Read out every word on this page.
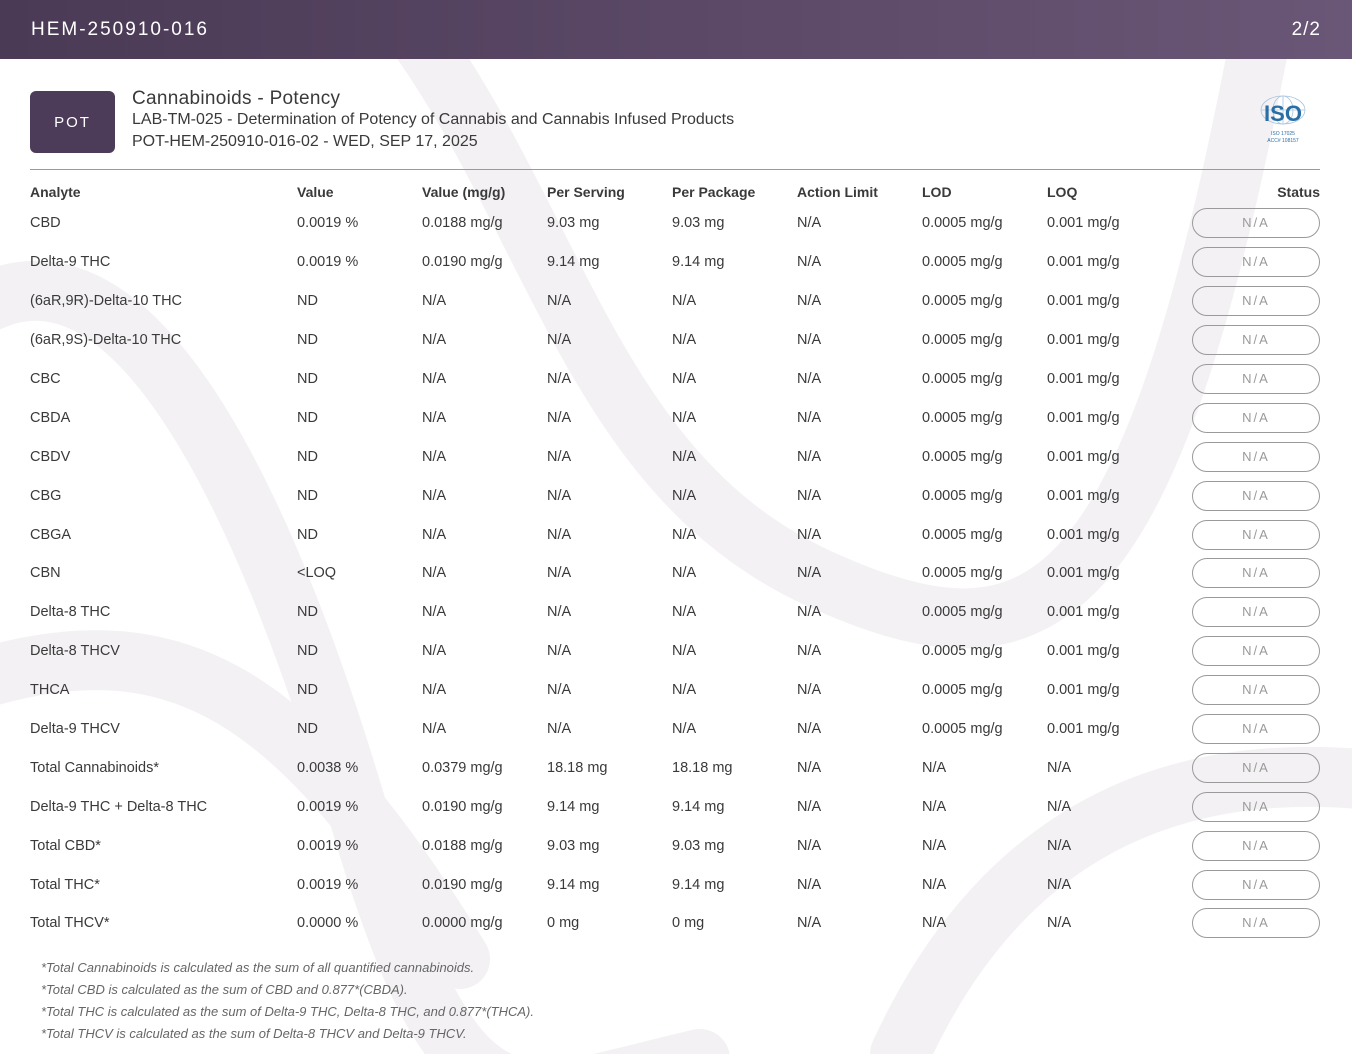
HEM-250910-016	2/2
POT
Cannabinoids - Potency
LAB-TM-025 - Determination of Potency of Cannabis and Cannabis Infused Products
POT-HEM-250910-016-02 - WED, SEP 17, 2025
ISO
ISO 17025
ACC# 108157
Analyte	Value	Value (mg/g)	Per Serving	Per Package	Action Limit	LOD	LOQ	Status
CBD	0.0019 %	0.0188 mg/g	9.03 mg	9.03 mg	N/A	0.0005 mg/g	0.001 mg/g	N/A
Delta-9 THC	0.0019 %	0.0190 mg/g	9.14 mg	9.14 mg	N/A	0.0005 mg/g	0.001 mg/g	N/A
(6aR,9R)-Delta-10 THC	ND	N/A	N/A	N/A	N/A	0.0005 mg/g	0.001 mg/g	N/A
(6aR,9S)-Delta-10 THC	ND	N/A	N/A	N/A	N/A	0.0005 mg/g	0.001 mg/g	N/A
CBC	ND	N/A	N/A	N/A	N/A	0.0005 mg/g	0.001 mg/g	N/A
CBDA	ND	N/A	N/A	N/A	N/A	0.0005 mg/g	0.001 mg/g	N/A
CBDV	ND	N/A	N/A	N/A	N/A	0.0005 mg/g	0.001 mg/g	N/A
CBG	ND	N/A	N/A	N/A	N/A	0.0005 mg/g	0.001 mg/g	N/A
CBGA	ND	N/A	N/A	N/A	N/A	0.0005 mg/g	0.001 mg/g	N/A
CBN	<LOQ	N/A	N/A	N/A	N/A	0.0005 mg/g	0.001 mg/g	N/A
Delta-8 THC	ND	N/A	N/A	N/A	N/A	0.0005 mg/g	0.001 mg/g	N/A
Delta-8 THCV	ND	N/A	N/A	N/A	N/A	0.0005 mg/g	0.001 mg/g	N/A
THCA	ND	N/A	N/A	N/A	N/A	0.0005 mg/g	0.001 mg/g	N/A
Delta-9 THCV	ND	N/A	N/A	N/A	N/A	0.0005 mg/g	0.001 mg/g	N/A
Total Cannabinoids*	0.0038 %	0.0379 mg/g	18.18 mg	18.18 mg	N/A	N/A	N/A	N/A
Delta-9 THC + Delta-8 THC	0.0019 %	0.0190 mg/g	9.14 mg	9.14 mg	N/A	N/A	N/A	N/A
Total CBD*	0.0019 %	0.0188 mg/g	9.03 mg	9.03 mg	N/A	N/A	N/A	N/A
Total THC*	0.0019 %	0.0190 mg/g	9.14 mg	9.14 mg	N/A	N/A	N/A	N/A
Total THCV*	0.0000 %	0.0000 mg/g	0 mg	0 mg	N/A	N/A	N/A	N/A
*Total Cannabinoids is calculated as the sum of all quantified cannabinoids.
*Total CBD is calculated as the sum of CBD and 0.877*(CBDA).
*Total THC is calculated as the sum of Delta-9 THC, Delta-8 THC, and 0.877*(THCA).
*Total THCV is calculated as the sum of Delta-8 THCV and Delta-9 THCV.
